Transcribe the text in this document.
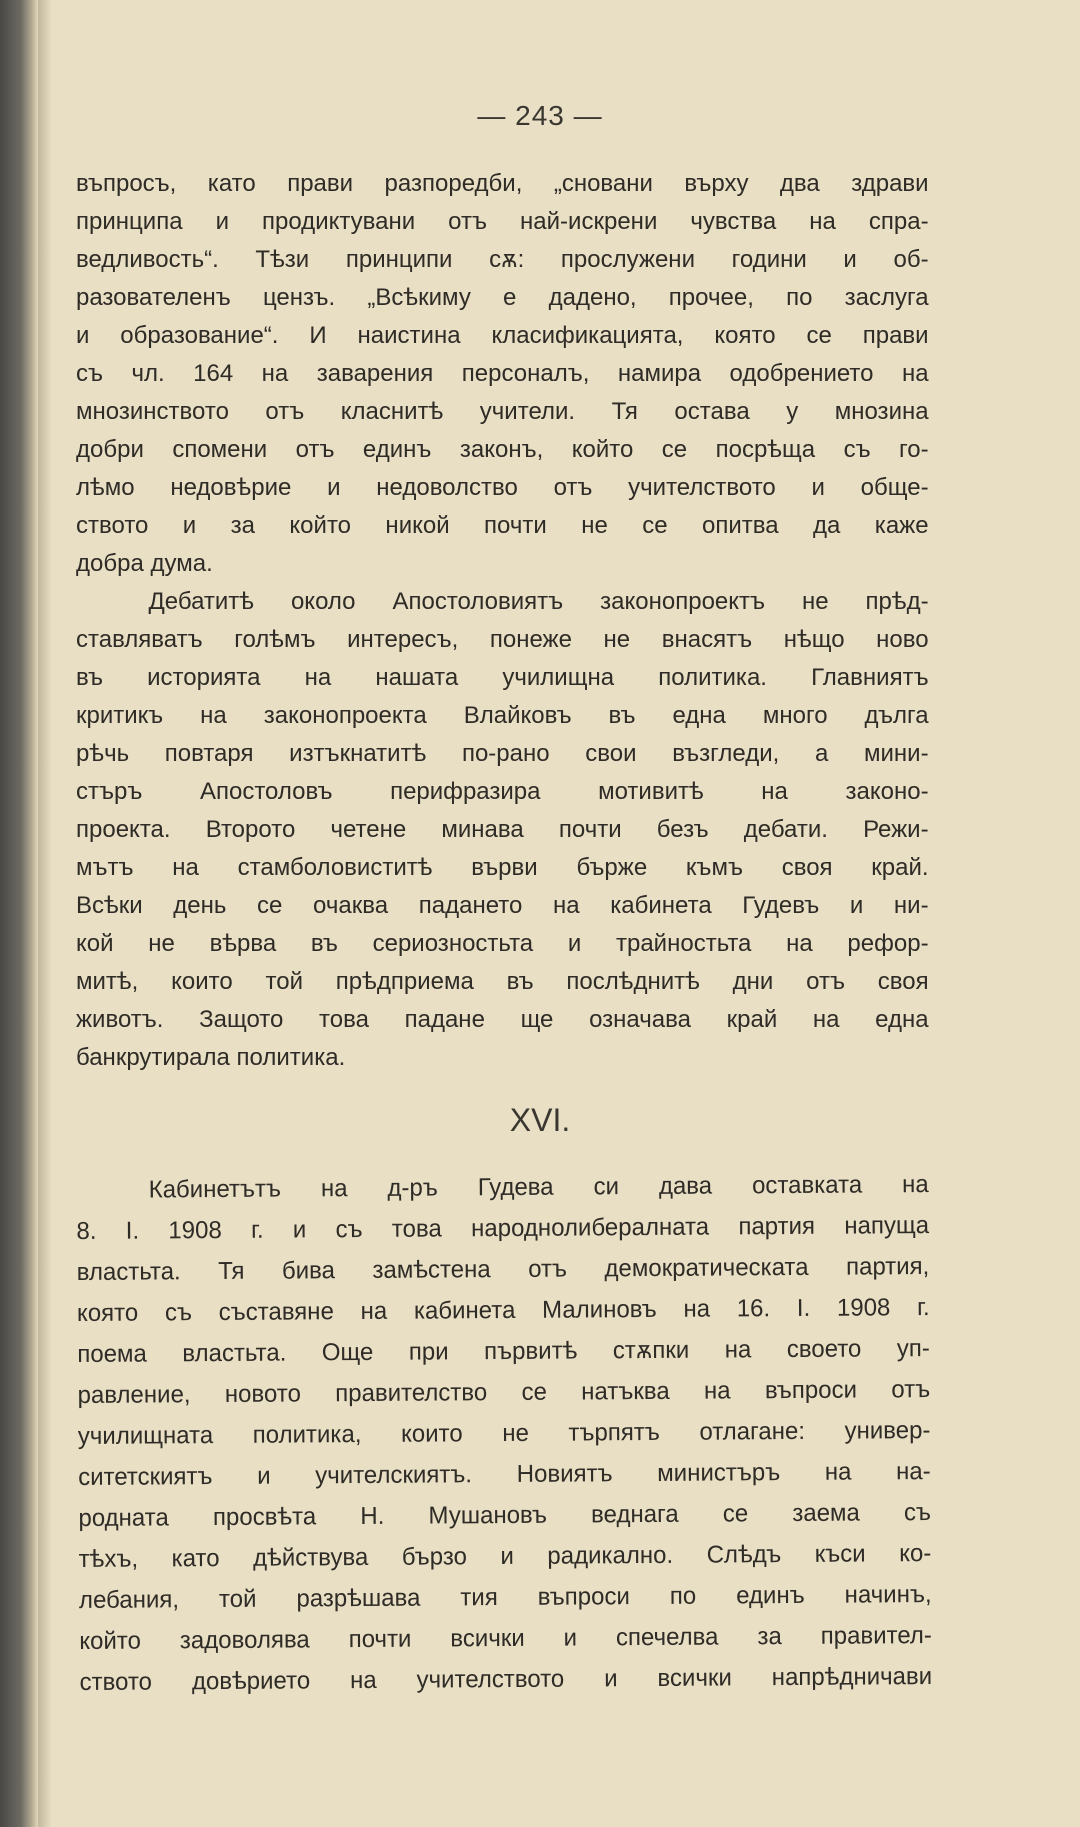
— 243 —
въпросъ, като прави разпоредби, „сновани върху два здрави
принципа и продиктувани отъ най-искрени чувства на спра-
ведливость“. Тѣзи принципи сѫ: прослужени години и об-
разователенъ цензъ. „Всѣкиму е дадено, прочее, по заслуга
и образование“. И наистина класификацията, която се прави
съ чл. 164 на заварения персоналъ, намира одобрението на
мнозинството отъ класнитѣ учители. Тя остава у мнозина
добри спомени отъ единъ законъ, който се посрѣща съ го-
лѣмо недовѣрие и недоволство отъ учителството и обще-
ството и за който никой почти не се опитва да каже
добра дума.
Дебатитѣ около Апостоловиятъ законопроектъ не прѣд-
ставляватъ голѣмъ интересъ, понеже не внасятъ нѣщо ново
въ историята на нашата училищна политика. Главниятъ
критикъ на законопроекта Влайковъ въ една много дълга
рѣчь повтаря изтъкнатитѣ по-рано свои възгледи, а мини-
стъръ Апостоловъ перифразира мотивитѣ на законо-
проекта. Второто четене минава почти безъ дебати. Режи-
мътъ на стамболовиститѣ върви бърже къмъ своя край.
Всѣки день се очаква падането на кабинета Гудевъ и ни-
кой не вѣрва въ сериозностьта и трайностьта на рефор-
митѣ, които той прѣдприема въ послѣднитѣ дни отъ своя
животъ. Защото това падане ще означава край на една
банкрутирала политика.
XVI.
Кабинетътъ на д-ръ Гудева си дава оставката на
8. I. 1908 г. и съ това народнолибералната партия напуща
властьта. Тя бива замѣстена отъ демократическата партия,
която съ съставяне на кабинета Малиновъ на 16. I. 1908 г.
поема властьта. Още при първитѣ стѫпки на своето уп-
равление, новото правителство се натъква на въпроси отъ
училищната политика, които не търпятъ отлагане: универ-
ситетскиятъ и учителскиятъ. Новиятъ министъръ на на-
родната просвѣта Н. Мушановъ веднага се заема съ
тѣхъ, като дѣйствува бързо и радикално. Слѣдъ къси ко-
лебания, той разрѣшава тия въпроси по единъ начинъ,
който задоволява почти всички и спечелва за правител-
ството довѣрието на учителството и всички напрѣдничави
